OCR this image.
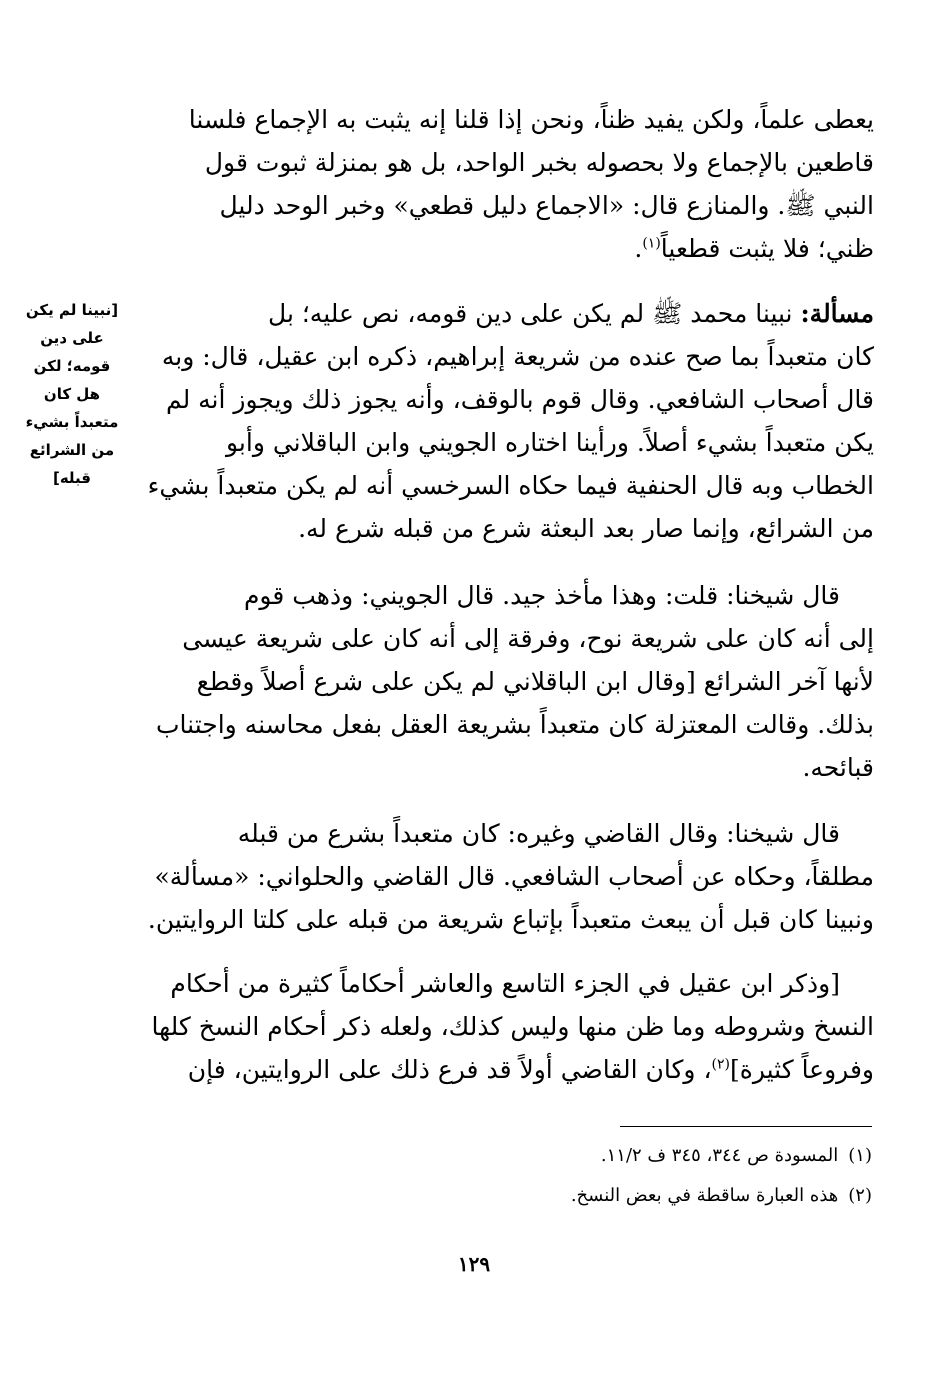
يعطى علماً، ولكن يفيد ظناً، ونحن إذا قلنا إنه يثبت به الإجماع فلسنا

قاطعين بالإجماع ولا بحصوله بخبر الواحد، بل هو بمنزلة ثبوت قول

النبي ﷺ. والمنازع قال: «الاجماع دليل قطعي» وخبر الوحد دليل

ظني؛ فلا يثبت قطعياً$^{(١)}$.

مسألة: نبينا محمد ﷺ لم يكن على دين قومه، نص عليه؛ بل

كان متعبداً بما صح عنده من شريعة إبراهيم، ذكره ابن عقيل، قال: وبه

قال أصحاب الشافعي. وقال قوم بالوقف، وأنه يجوز ذلك ويجوز أنه لم

يكن متعبداً بشيء أصلاً. ورأينا اختاره الجويني وابن الباقلاني وأبو

الخطاب وبه قال الحنفية فيما حكاه السرخسي أنه لم يكن متعبداً بشيء

من الشرائع، وإنما صار بعد البعثة شرع من قبله شرع له.

[نبينا لم يكن على دين قومه؛ لكن هل كان متعبداً بشيء من الشرائع قبله]

قال شيخنا: قلت: وهذا مأخذ جيد. قال الجويني: وذهب قوم

إلى أنه كان على شريعة نوح، وفرقة إلى أنه كان على شريعة عيسى

لأنها آخر الشرائع [وقال ابن الباقلاني لم يكن على شرع أصلاً وقطع

بذلك. وقالت المعتزلة كان متعبداً بشريعة العقل بفعل محاسنه واجتناب

قبائحه.

قال شيخنا: وقال القاضي وغيره: كان متعبداً بشرع من قبله

مطلقاً، وحكاه عن أصحاب الشافعي. قال القاضي والحلواني: «مسألة»

ونبينا كان قبل أن يبعث متعبداً بإتباع شريعة من قبله على كلتا الروايتين.

[وذكر ابن عقيل في الجزء التاسع والعاشر أحكاماً كثيرة من أحكام

النسخ وشروطه وما ظن منها وليس كذلك، ولعله ذكر أحكام النسخ كلها

وفروعاً كثيرة]$^{(٢)}$، وكان القاضي أولاً قد فرع ذلك على الروايتين، فإن

(١)المسودة ص ٣٤٤، ٣٤٥ ف ١١/٢.

(٢)هذه العبارة ساقطة في بعض النسخ.

١٢٩
